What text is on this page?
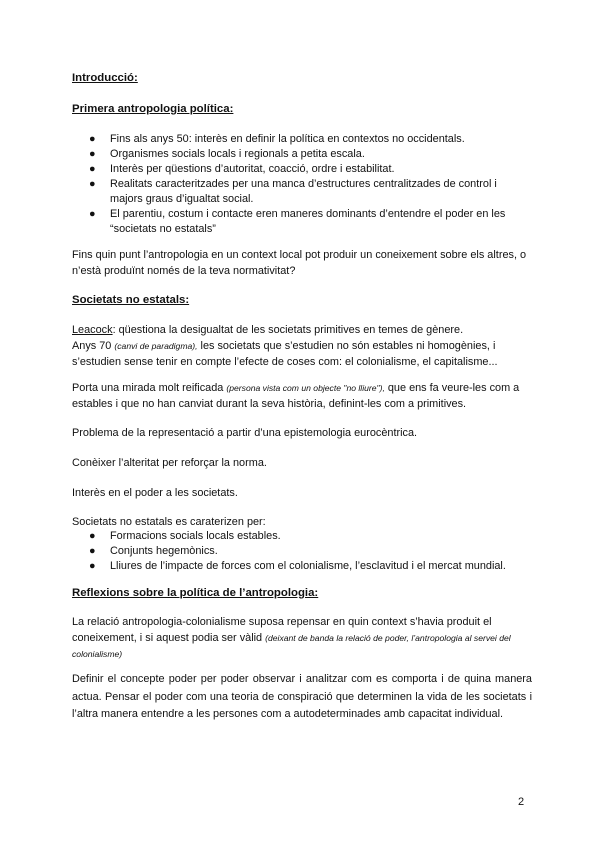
Introducció:
Primera antropologia política:
● Fins als anys 50: interès en definir la política en contextos no occidentals.
● Organismes socials locals i regionals a petita escala.
● Interès per qüestions d’autoritat, coacció, ordre i estabilitat.
● Realitats caracteritzades per una manca d’estructures centralitzades de control i majors graus d’igualtat social.
● El parentiu, costum i contacte eren maneres dominants d’entendre el poder en les “societats no estatals”
Fins quin punt l’antropologia en un context local pot produir un coneixement sobre els altres, o n’està produïnt només de la teva normativitat?
Societats no estatals:
Leacock: qüestiona la desigualtat de les societats primitives en temes de gènere.
Anys 70 (canvi de paradigma), les societats que s’estudien no són estables ni homogènies, i s’estudien sense tenir en compte l’efecte de coses com: el colonialisme, el capitalisme...
Porta una mirada molt reificada (persona vista com un objecte "no lliure"), que ens fa veure-les com a estables i que no han canviat durant la seva història, definint-les com a primitives.
Problema de la representació a partir d’una epistemologia eurocèntrica.
Conèixer l’alteritat per reforçar la norma.
Interès en el poder a les societats.
Societats no estatals es caraterizen per:
● Formacions socials locals estables.
● Conjunts hegemònics.
● Lliures de l’impacte de forces com el colonialisme, l’esclavitud i el mercat mundial.
Reflexions sobre la política de l’antropologia:
La relació antropologia-colonialisme suposa repensar en quin context s’havia produit el coneixement, i si aquest podia ser vàlid (deixant de banda la relació de poder, l’antropologia al servei del colonialisme)
Definir el concepte poder per poder observar i analitzar com es comporta i de quina manera actua. Pensar el poder com una teoria de conspiració que determinen la vida de les societats i l’altra manera entendre a les persones com a autodeterminades amb capacitat individual.
2
